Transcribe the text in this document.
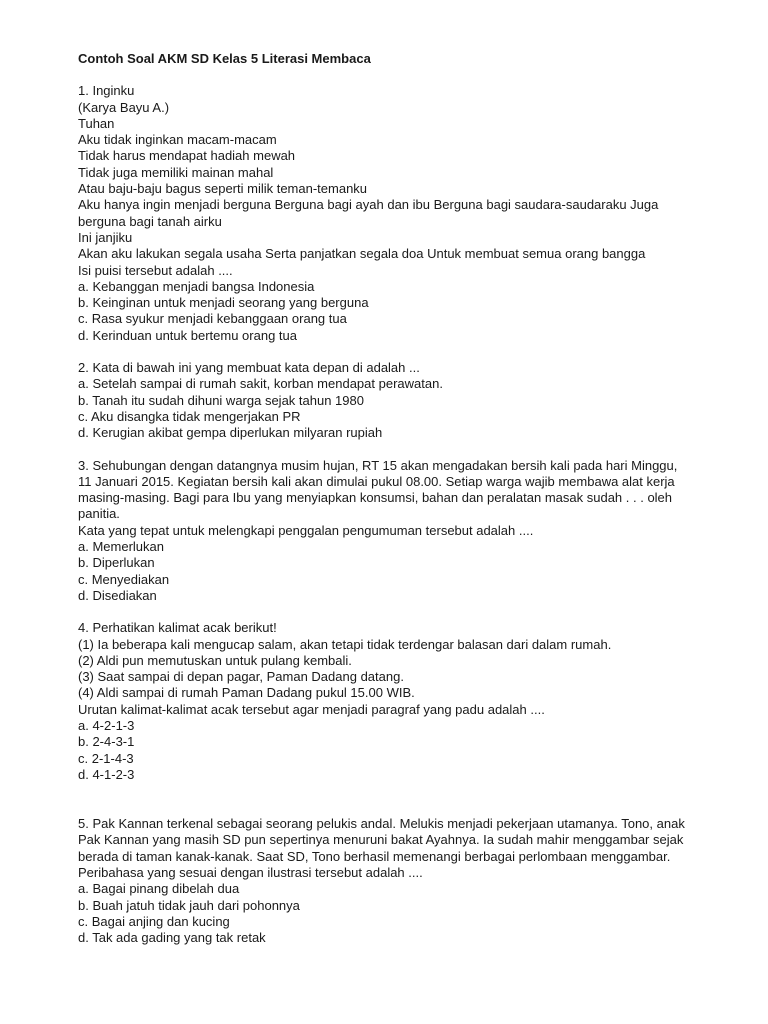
Contoh Soal AKM SD Kelas 5 Literasi Membaca
1. Inginku
(Karya Bayu A.)
Tuhan
Aku tidak inginkan macam-macam
Tidak harus mendapat hadiah mewah
Tidak juga memiliki mainan mahal
Atau baju-baju bagus seperti milik teman-temanku
Aku hanya ingin menjadi berguna Berguna bagi ayah dan ibu Berguna bagi saudara-saudaraku Juga
berguna bagi tanah airku
Ini janjiku
Akan aku lakukan segala usaha Serta panjatkan segala doa Untuk membuat semua orang bangga
Isi puisi tersebut adalah ....
a. Kebanggan menjadi bangsa Indonesia
b. Keinginan untuk menjadi seorang yang berguna
c. Rasa syukur menjadi kebanggaan orang tua
d. Kerinduan untuk bertemu orang tua
2. Kata di bawah ini yang membuat kata depan di adalah ...
a. Setelah sampai di rumah sakit, korban mendapat perawatan.
b. Tanah itu sudah dihuni warga sejak tahun 1980
c. Aku disangka tidak mengerjakan PR
d. Kerugian akibat gempa diperlukan milyaran rupiah
3. Sehubungan dengan datangnya musim hujan, RT 15 akan mengadakan bersih kali pada hari Minggu,
11 Januari 2015. Kegiatan bersih kali akan dimulai pukul 08.00. Setiap warga wajib membawa alat kerja
masing-masing. Bagi para Ibu yang menyiapkan konsumsi, bahan dan peralatan masak sudah . . . oleh
panitia.
Kata yang tepat untuk melengkapi penggalan pengumuman tersebut adalah ....
a. Memerlukan
b. Diperlukan
c. Menyediakan
d. Disediakan
4. Perhatikan kalimat acak berikut!
(1) Ia beberapa kali mengucap salam, akan tetapi tidak terdengar balasan dari dalam rumah.
(2) Aldi pun memutuskan untuk pulang kembali.
(3) Saat sampai di depan pagar, Paman Dadang datang.
(4) Aldi sampai di rumah Paman Dadang pukul 15.00 WIB.
Urutan kalimat-kalimat acak tersebut agar menjadi paragraf yang padu adalah ....
a. 4-2-1-3
b. 2-4-3-1
c. 2-1-4-3
d. 4-1-2-3
5. Pak Kannan terkenal sebagai seorang pelukis andal. Melukis menjadi pekerjaan utamanya. Tono, anak
Pak Kannan yang masih SD pun sepertinya menuruni bakat Ayahnya. Ia sudah mahir menggambar sejak
berada di taman kanak-kanak. Saat SD, Tono berhasil memenangi berbagai perlombaan menggambar.
Peribahasa yang sesuai dengan ilustrasi tersebut adalah ....
a. Bagai pinang dibelah dua
b. Buah jatuh tidak jauh dari pohonnya
c. Bagai anjing dan kucing
d. Tak ada gading yang tak retak
